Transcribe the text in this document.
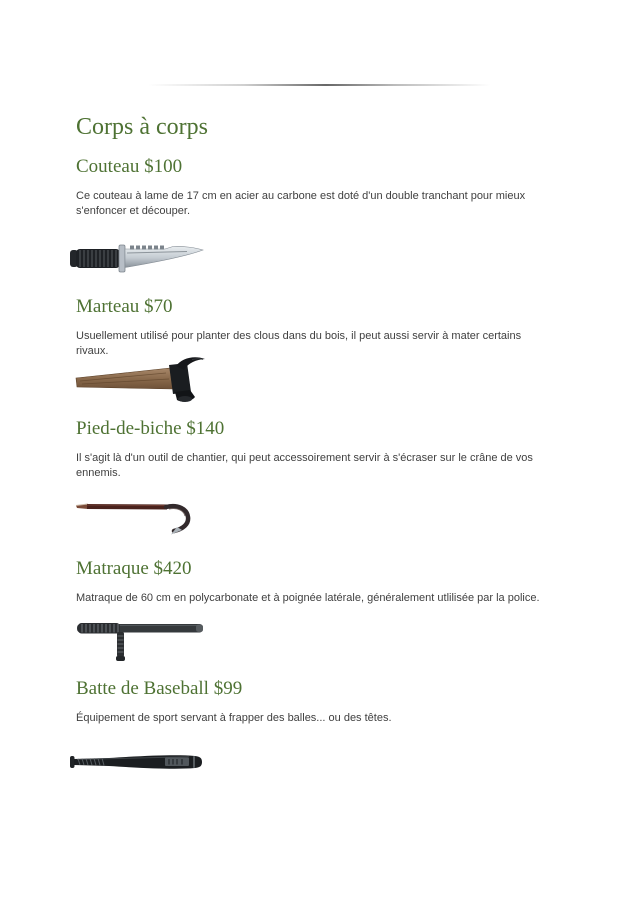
Corps à corps
Couteau $100

Ce couteau à lame de 17 cm en acier au carbone est doté d'un double tranchant pour mieux s'enfoncer et découper.

Marteau $70

Usuellement utilisé pour planter des clous dans du bois, il peut aussi servir à mater certains rivaux.

Pied-de-biche $140

Il s'agit là d'un outil de chantier, qui peut accessoirement servir à s'écraser sur le crâne de vos ennemis.

Matraque $420

Matraque de 60 cm en polycarbonate et à poignée latérale, généralement utlilisée par la police.

Batte de Baseball $99

Équipement de sport servant à frapper des balles... ou des têtes.
